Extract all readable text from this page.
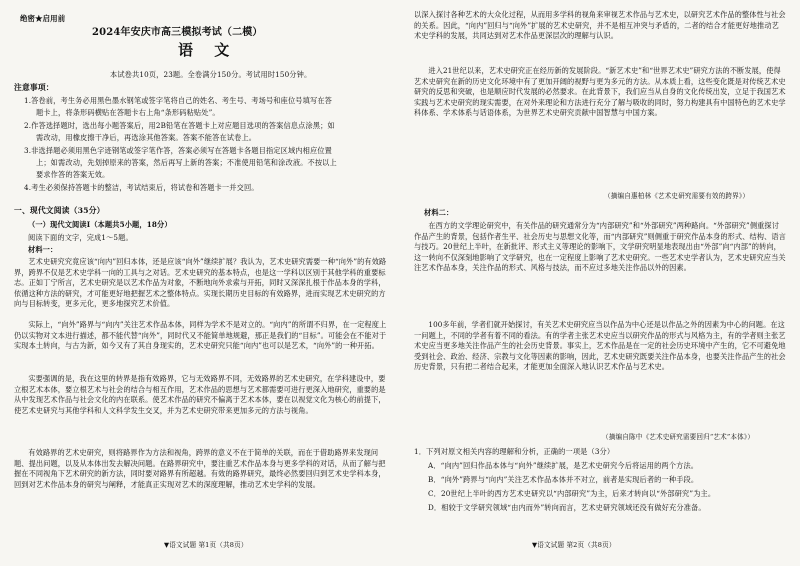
绝密★启用前
2024年安庆市高三模拟考试（二模）
语 文
本试卷共10页，23题。全卷满分150分。考试用时150分钟。
注意事项：
1.答卷前，考生务必用黑色墨水钢笔或签字笔将自己的姓名、考生号、考场号和座位号填写在答
题卡上，将条形码横贴在答题卡右上角“条形码粘贴处”。
2.作答选择题时，选出每小题答案后，用2B铅笔在答题卡上对应题目选项的答案信息点涂黑；如
需改动，用橡皮擦干净后，再选涂其他答案。答案不能答在试卷上。
3.非选择题必须用黑色字迹钢笔或签字笔作答，答案必须写在答题卡各题目指定区域内相应位置
上；如需改动，先划掉原来的答案，然后再写上新的答案；不准使用铅笔和涂改液。不按以上
要求作答的答案无效。
4.考生必须保持答题卡的整洁，考试结束后，将试卷和答题卡一并交回。
一、现代文阅读（35分）
（一）现代文阅读Ⅰ（本题共5小题，18分）
阅读下面的文字，完成1～5题。
材料一：
艺术史研究究竟应该“向内”回归本体，还是应该“向外”继续扩展？我认为，艺术史研究需要一种“向外”的有效路界，跨界不仅是艺术史学科一向的工具与之对话。艺术史研究的基本特点，也是这一学科以区别于其他学科的重要标志。正如丁宁所言，艺术史研究是以艺术作品为对象，不断地向外求索与开拓，同时又深深扎根于作品本身的学科，依循这种方法的研究，才可能更好地把握艺术之整体特点。实现长期历史目标的有效路界，进而实现艺术史研究的方向与目标转变，更多元化，更多地探究艺术价值。
实际上，“向外”路界与“向内”关注艺术作品本体，同样为学术不是对立的。“向内”的所谓不归界，在一定程度上仍以实物对文本进行描述，都不能代替“向外”，同时代又不能简单地规避，那正是我们的“目标”。可能会在不能对于实现本土转向，与古为新，如今又有了其自身现实的，艺术史研究只能“向内”也可以是艺术，“向外”的一种开拓。
实要强调的是，我在这里的转界是指有效路界，它与无效路界不同，无效路界的艺术史研究，在学科建设中，要立根艺术本体，要立根艺术与社会的结合与相互作用，艺术作品的思想与艺术都需要可进行更深入地研究，重要的是从中发现艺术作品与社会文化的内在联系。使艺术作品的研究不偏离于艺术本体，要在以视觉文化为核心的前提下，使艺术史研究与其他学科和人文科学发生交叉，并为艺术史研究带来更加多元的方法与视角。
有效路界的艺术史研究，则将路界作为方法和视角，跨界的意义不在于简单的关联，而在于借助路界来发现问题、提出问题，以及从本体出发去解决问题。在路界研究中，要注重艺术作品本身与更多学科的对话，从而了解与把握在不同视角下艺术研究的新方法，同时要对路界有所超越。有效的路界研究，最终必然要回归到艺术史学科本身，回到对艺术作品本身的研究与阐释，才能真正实现对艺术的深度理解，推动艺术史学科的发展。
▼语文试题 第1页（共8页）
以深入探讨各种艺术的大众化过程，从而用多学科的视角来审视艺术作品与艺术史，以研究艺术作品的整体性与社会的关系。因此，“向内”回归与“向外”扩展的艺术史研究，并不是相互冲突与矛盾的，二者的结合才能更好地推动艺术史学科的发展，共同达到对艺术作品更深层次的理解与认识。
进入21世纪以来，艺术史研究正在经历新的发展阶段。“新艺术史”和“世界艺术史”研究方法的不断发展，使得艺术史研究在新的历史文化环境中有了更加开阔的视野与更为多元的方法。从本质上看，这些变化既是对传统艺术史研究的反思和突破，也是顺应时代发展的必然要求。在此背景下，我们应当从自身的文化传统出发，立足于我国艺术实践与艺术史研究的现实需要，在对外来理论和方法进行充分了解与吸收的同时，努力构建具有中国特色的艺术史学科体系、学术体系与话语体系，为世界艺术史研究贡献中国智慧与中国方案。
（摘编自惠柏林《艺术史研究需要有效的跨界》）
材料二：
在西方的文学理论研究中，有关作品的研究通常分为“内部研究”和“外部研究”两种路向。“外部研究”侧重探讨作品产生的背景，包括作者生平、社会历史与思想文化等，而“内部研究”则侧重于研究作品本身的形式、结构、语言与技巧。20世纪上半叶，在新批评、形式主义等理论的影响下，文学研究明显地表现出由“外部”向“内部”的转向，这一转向不仅深刻地影响了文学研究，也在一定程度上影响了艺术史研究。一些艺术史学者认为，艺术史研究应当关注艺术作品本身，关注作品的形式、风格与技法，而不应过多地关注作品以外的因素。
100多年前，学者们就开始探讨，有关艺术史研究应当以作品为中心还是以作品之外的因素为中心的问题。在这一问题上，不同的学者有着不同的看法。有的学者主张艺术史应当以研究作品的形式与风格为主，有的学者则主张艺术史应当更多地关注作品产生的社会历史背景。事实上，艺术作品是在一定的社会历史环境中产生的，它不可避免地受到社会、政治、经济、宗教与文化等因素的影响，因此，艺术史研究既要关注作品本身，也要关注作品产生的社会历史背景，只有把二者结合起来，才能更加全面深入地认识艺术作品与艺术史。
（摘编自陈中《艺术史研究需要回归“艺术”本体》）
1．下列对原文相关内容的理解和分析，正确的一项是（3分）
A．“向内”回归作品本体与“向外”继续扩展，是艺术史研究今后将运用的两个方法。
B．“向外”跨界与“向内”关注艺术作品本体并不对立，前者是实现后者的一种手段。
C．20世纪上半叶的西方艺术史研究以“内部研究”为主，后来才转向以“外部研究”为主。
D．相较于文学研究领域“由内而外”转向而言，艺术史研究领域还没有做好充分准备。
▼语文试题 第2页（共8页）
